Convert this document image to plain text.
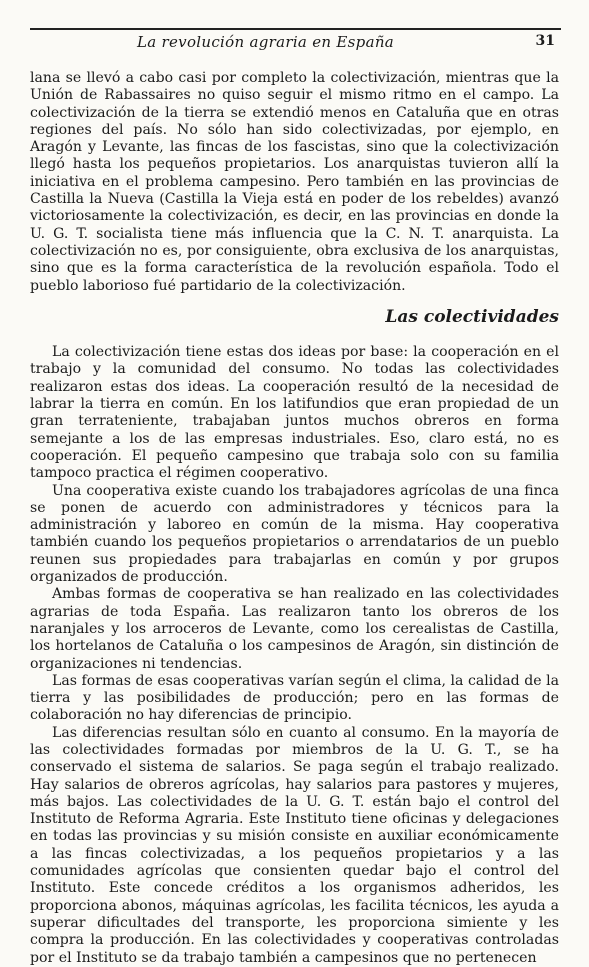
La revolución agraria en España	31

lana se llevó a cabo casi por completo la colectivización, mientras que la Unión de Rabassaires no quiso seguir el mismo ritmo en el campo. La colectivización de la tierra se extendió menos en Cataluña que en otras regiones del país. No sólo han sido colectivizadas, por ejemplo, en Aragón y Levante, las fincas de los fascistas, sino que la colectivización llegó hasta los pequeños propietarios. Los anarquistas tuvieron allí la iniciativa en el problema campesino. Pero también en las provincias de Castilla la Nueva (Castilla la Vieja está en poder de los rebeldes) avanzó victoriosamente la colectivización, es decir, en las provincias en donde la U. G. T. socialista tiene más influencia que la C. N. T. anarquista. La colectivización no es, por consiguiente, obra exclusiva de los anarquistas, sino que es la forma característica de la revolución española. Todo el pueblo laborioso fué partidario de la colectivización.

Las colectividades

La colectivización tiene estas dos ideas por base: la cooperación en el trabajo y la comunidad del consumo. No todas las colectividades realizaron estas dos ideas. La cooperación resultó de la necesidad de labrar la tierra en común. En los latifundios que eran propiedad de un gran terrateniente, trabajaban juntos muchos obreros en forma semejante a los de las empresas industriales. Eso, claro está, no es cooperación. El pequeño campesino que trabaja solo con su familia tampoco practica el régimen cooperativo.

Una cooperativa existe cuando los trabajadores agrícolas de una finca se ponen de acuerdo con administradores y técnicos para la administración y laboreo en común de la misma. Hay cooperativa también cuando los pequeños propietarios o arrendatarios de un pueblo reunen sus propiedades para trabajarlas en común y por grupos organizados de producción.

Ambas formas de cooperativa se han realizado en las colectividades agrarias de toda España. Las realizaron tanto los obreros de los naranjales y los arroceros de Levante, como los cerealistas de Castilla, los hortelanos de Cataluña o los campesinos de Aragón, sin distinción de organizaciones ni tendencias.

Las formas de esas cooperativas varían según el clima, la calidad de la tierra y las posibilidades de producción; pero en las formas de colaboración no hay diferencias de principio.

Las diferencias resultan sólo en cuanto al consumo. En la mayoría de las colectividades formadas por miembros de la U. G. T., se ha conservado el sistema de salarios. Se paga según el trabajo realizado. Hay salarios de obreros agrícolas, hay salarios para pastores y mujeres, más bajos. Las colectividades de la U. G. T. están bajo el control del Instituto de Reforma Agraria. Este Instituto tiene oficinas y delegaciones en todas las provincias y su misión consiste en auxiliar económicamente a las fincas colectivizadas, a los pequeños propietarios y a las comunidades agrícolas que consienten quedar bajo el control del Instituto. Este concede créditos a los organismos adheridos, les proporciona abonos, máquinas agrícolas, les facilita técnicos, les ayuda a superar dificultades del transporte, les proporciona simiente y les compra la producción. En las colectividades y cooperativas controladas por el Instituto se da trabajo también a campesinos que no pertenecen
